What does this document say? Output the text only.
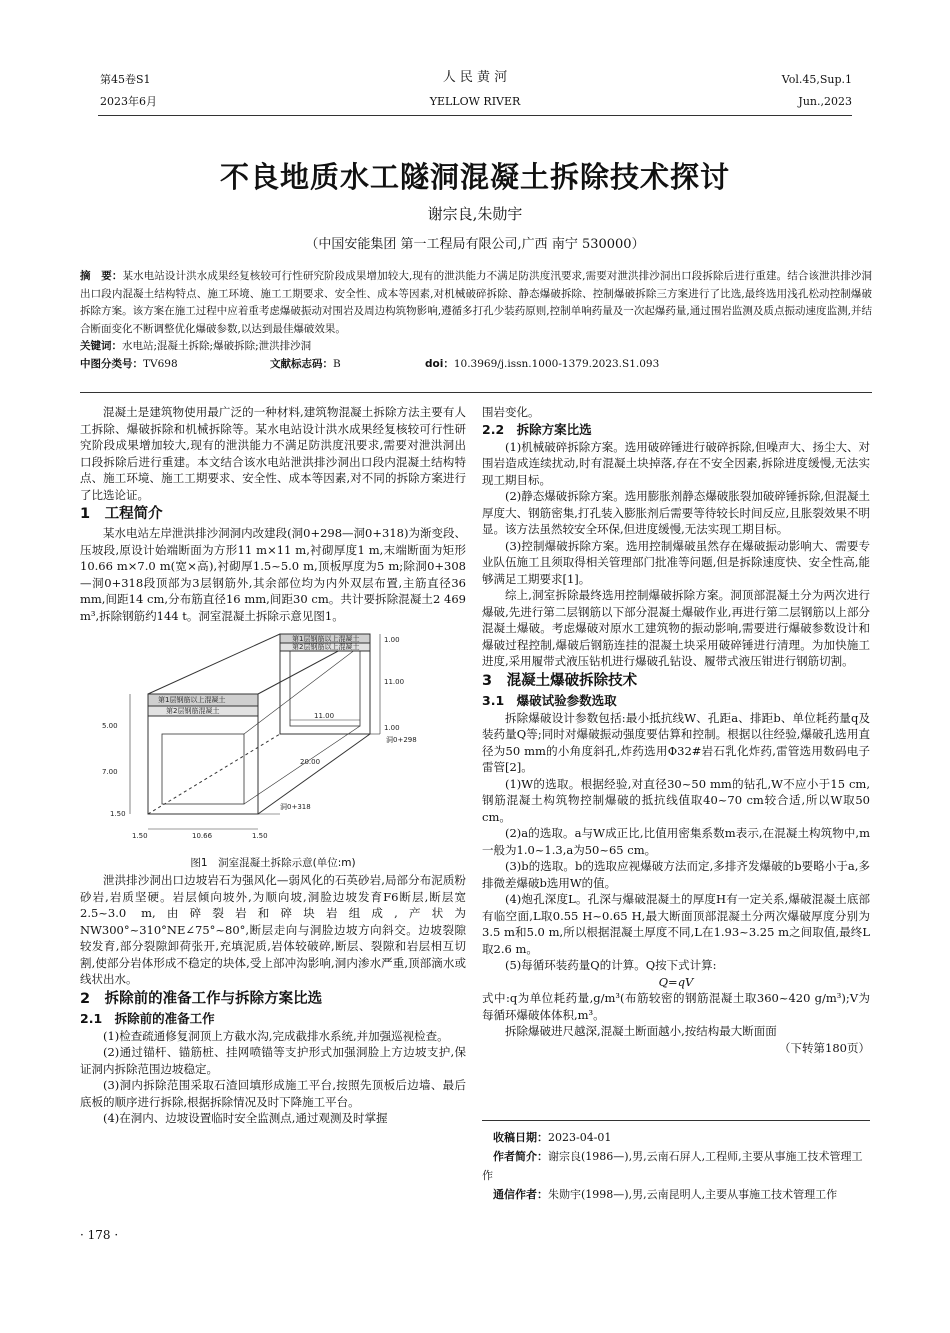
第45卷S1
2023年6月
人 民 黄 河
YELLOW RIVER
Vol.45,Sup.1
Jun.,2023
不良地质水工隧洞混凝土拆除技术探讨
谢宗良,朱勋宇
（中国安能集团 第一工程局有限公司,广西 南宁 530000）
摘　要：某水电站设计洪水成果经复核较可行性研究阶段成果增加较大,现有的泄洪能力不满足防洪度汛要求,需要对泄洪排沙洞出口段拆除后进行重建。结合该泄洪排沙洞出口段内混凝土结构特点、施工环境、施工工期要求、安全性、成本等因素,对机械破碎拆除、静态爆破拆除、控制爆破拆除三方案进行了比选,最终选用浅孔松动控制爆破拆除方案。该方案在施工过程中应着重考虑爆破振动对围岩及周边构筑物影响,遵循多打孔少装药原则,控制单响药量及一次起爆药量,通过围岩监测及质点振动速度监测,并结合断面变化不断调整优化爆破参数,以达到最佳爆破效果。
关键词：水电站;混凝土拆除;爆破拆除;泄洪排沙洞
中图分类号：TV698	文献标志码：B	doi：10.3969/j.issn.1000-1379.2023.S1.093

混凝土是建筑物使用最广泛的一种材料,建筑物混凝土拆除方法主要有人工拆除、爆破拆除和机械拆除等。某水电站设计洪水成果经复核较可行性研究阶段成果增加较大,现有的泄洪能力不满足防洪度汛要求,需要对泄洪洞出口段拆除后进行重建。本文结合该水电站泄洪排沙洞出口段内混凝土结构特点、施工环境、施工工期要求、安全性、成本等因素,对不同的拆除方案进行了比选论证。

1　工程简介

某水电站左岸泄洪排沙洞洞内改建段(洞0+298—洞0+318)为渐变段、压坡段,原设计始端断面为方形11 m×11 m,衬砌厚度1 m,末端断面为矩形10.66 m×7.0 m(宽×高),衬砌厚1.5~5.0 m,顶板厚度为5 m;除洞0+308—洞0+318段顶部为3层钢筋外,其余部位均为内外双层布置,主筋直径36 mm,间距14 cm,分布筋直径16 mm,间距30 cm。共计要拆除混凝土2 469 m³,拆除钢筋约144 t。洞室混凝土拆除示意见图1。

第1层钢筋以上混凝土
第2层钢筋以上混凝土
1.00
11.00
1.00
11.00
洞0+298
第1层钢筋以上混凝土
第2层钢筋混凝土
5.00
7.00
20.00
洞0+318
1.50
1.50	10.66	1.50
图1　洞室混凝土拆除示意(单位:m)

泄洪排沙洞出口边坡岩石为强风化—弱风化的石英砂岩,局部分布泥质粉砂岩,岩质坚硬。岩层倾向坡外,为顺向坡,洞脸边坡发育F6断层,断层宽2.5~3.0 m,由碎裂岩和碎块岩组成,产状为NW300°~310°NE∠75°~80°,断层走向与洞脸边坡方向斜交。边坡裂隙较发育,部分裂隙卸荷张开,充填泥质,岩体较破碎,断层、裂隙和岩层相互切割,使部分岩体形成不稳定的块体,受上部冲沟影响,洞内渗水严重,顶部滴水或线状出水。

2　拆除前的准备工作与拆除方案比选
2.1　拆除前的准备工作

(1)检查疏通修复洞顶上方截水沟,完成截排水系统,并加强巡视检查。

(2)通过锚杆、锚筋桩、挂网喷锚等支护形式加强洞脸上方边坡支护,保证洞内拆除范围边坡稳定。

(3)洞内拆除范围采取石渣回填形成施工平台,按照先顶板后边墙、最后底板的顺序进行拆除,根据拆除情况及时下降施工平台。

(4)在洞内、边坡设置临时安全监测点,通过观测及时掌握

围岩变化。

2.2　拆除方案比选

(1)机械破碎拆除方案。选用破碎锤进行破碎拆除,但噪声大、扬尘大、对围岩造成连续扰动,时有混凝土块掉落,存在不安全因素,拆除进度缓慢,无法实现工期目标。

(2)静态爆破拆除方案。选用膨胀剂静态爆破胀裂加破碎锤拆除,但混凝土厚度大、钢筋密集,打孔装入膨胀剂后需要等待较长时间反应,且胀裂效果不明显。该方法虽然较安全环保,但进度缓慢,无法实现工期目标。

(3)控制爆破拆除方案。选用控制爆破虽然存在爆破振动影响大、需要专业队伍施工且须取得相关管理部门批准等问题,但是拆除速度快、安全性高,能够满足工期要求[1]。

综上,洞室拆除最终选用控制爆破拆除方案。洞顶部混凝土分为两次进行爆破,先进行第二层钢筋以下部分混凝土爆破作业,再进行第二层钢筋以上部分混凝土爆破。考虑爆破对原水工建筑物的振动影响,需要进行爆破参数设计和爆破过程控制,爆破后钢筋连挂的混凝土块采用破碎锤进行清理。为加快施工进度,采用履带式液压钻机进行爆破孔钻设、履带式液压钳进行钢筋切割。

3　混凝土爆破拆除技术
3.1　爆破试验参数选取

拆除爆破设计参数包括:最小抵抗线W、孔距a、排距b、单位耗药量q及装药量Q等;同时对爆破振动强度要估算和控制。根据以往经验,爆破孔选用直径为50 mm的小角度斜孔,炸药选用Φ32#岩石乳化炸药,雷管选用数码电子雷管[2]。

(1)W的选取。根据经验,对直径30~50 mm的钻孔,W不应小于15 cm,钢筋混凝土构筑物控制爆破的抵抗线值取40~70 cm较合适,所以W取50 cm。

(2)a的选取。a与W成正比,比值用密集系数m表示,在混凝土构筑物中,m一般为1.0~1.3,a为50~65 cm。

(3)b的选取。b的选取应视爆破方法而定,多排齐发爆破的b要略小于a,多排微差爆破b选用W的值。

(4)炮孔深度L。孔深与爆破混凝土的厚度H有一定关系,爆破混凝土底部有临空面,L取0.55 H~0.65 H,最大断面顶部混凝土分两次爆破厚度分别为3.5 m和5.0 m,所以根据混凝土厚度不同,L在1.93~3.25 m之间取值,最终L取2.6 m。

(5)每循环装药量Q的计算。Q按下式计算:

Q=qV

式中:q为单位耗药量,g/m³(布筋较密的钢筋混凝土取360~420 g/m³);V为每循环爆破体体积,m³。

拆除爆破进尺越深,混凝土断面越小,按结构最大断面面

（下转第180页）
收稿日期：2023-04-01
作者简介：谢宗良(1986—),男,云南石屏人,工程师,主要从事施工技术管理工作
通信作者：朱勋宇(1998—),男,云南昆明人,主要从事施工技术管理工作
· 178 ·
